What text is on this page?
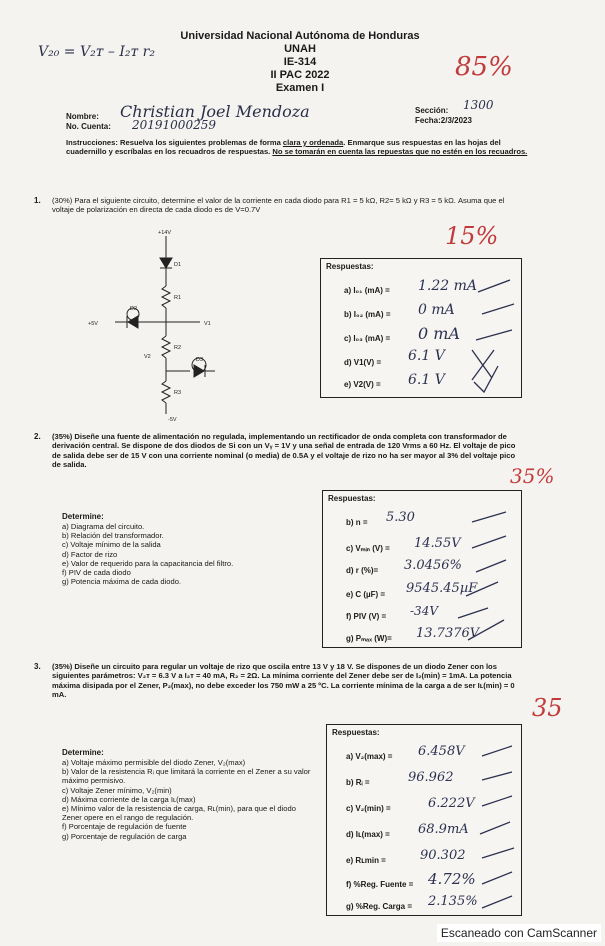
V₂₀ = V₂ᴛ – I₂ᴛ r₂	85%
Universidad Nacional Autónoma de Honduras
UNAH
IE-314
II PAC 2022
Examen I
Nombre: Christian Joel Mendoza
No. Cuenta: 20191000259
Sección: 1300
Fecha:2/3/2023
Instrucciones: Resuelva los siguientes problemas de forma clara y ordenada. Enmarque sus respuestas en las hojas del cuadernillo y escríbalas en los recuadros de respuestas. No se tomarán en cuenta las repuestas que no estén en los recuadros.
1. (30%) Para el siguiente circuito, determine el valor de la corriente en cada diodo para R1 = 5 kΩ, R2= 5 kΩ y R3 = 5 kΩ. Asuma que el voltaje de polarización en directa de cada diodo es de V=0.7V
15%
+14V
D1
R1
D2
+5V	V1
R2
V2	D3
R3
-5V
Respuestas:
a) I₀₁ (mA) = 1.22 mA
b) I₀₂ (mA) = 0 mA
c) I₀₃ (mA) = 0 mA
d) V1(V) = 6.1 V
e) V2(V) = 6.1 V
2. (35%) Diseñe una fuente de alimentación no regulada, implementando un rectificador de onda completa con transformador de derivación central. Se dispone de dos diodos de Si con un Vᵧ = 1V y una señal de entrada de 120 Vrms a 60 Hz. El voltaje de pico de salida debe ser de 15 V con una corriente nominal (o media) de 0.5A y el voltaje de rizo no ha ser mayor al 3% del voltaje pico de salida.	35%
Determine:
a) Diagrama del circuito.
b) Relación del transformador.
c) Voltaje mínimo de la salida
d) Factor de rizo
e) Valor de requerido para la capacitancia del filtro.
f) PIV de cada diodo
g) Potencia máxima de cada diodo.
Respuestas:
b) n = 5.30
c) Vₘᵢₙ (V) = 14.55V
d) r (%)= 3.0456%
e) C (µF) = 9545.45µF
f) PIV (V) = -34V
g) Pₘₐₓ (W)= 13.7376V
3. (35%) Diseñe un circuito para regular un voltaje de rizo que oscila entre 13 V y 18 V. Se dispones de un diodo Zener con los siguientes parámetros: V₂ᴛ = 6.3 V a I₂ᴛ = 40 mA, R₂ = 2Ω. La mínima corriente del Zener debe ser de I₂(min) = 1mA. La potencia máxima disipada por el Zener, P₂(max), no debe exceder los 750 mW a 25 ºC. La corriente mínima de la carga a de ser Iʟ(min) = 0 mA.	35
Determine:
a) Voltaje máximo permisible del diodo Zener, V₂(max)
b) Valor de la resistencia Rᵢ que limitará la corriente en el Zener a su valor máximo permisivo.
c) Voltaje Zener mínimo, V₂(min)
d) Máxima corriente de la carga Iʟ(max)
e) Mínimo valor de la resistencia de carga, Rʟ(min), para que el diodo Zener opere en el rango de regulación.
f) Porcentaje de regulación de fuente
g) Porcentaje de regulación de carga
Respuestas:
a) V₂(max) = 6.458V
b) Rᵢ =	96.962
c) V₂(min) =	6.222V
d) Iʟ(max) = 68.9mA
e) Rʟmin =	90.302
f) %Reg. Fuente = 4.72%
g) %Reg. Carga = 2.135%
Escaneado con CamScanner
